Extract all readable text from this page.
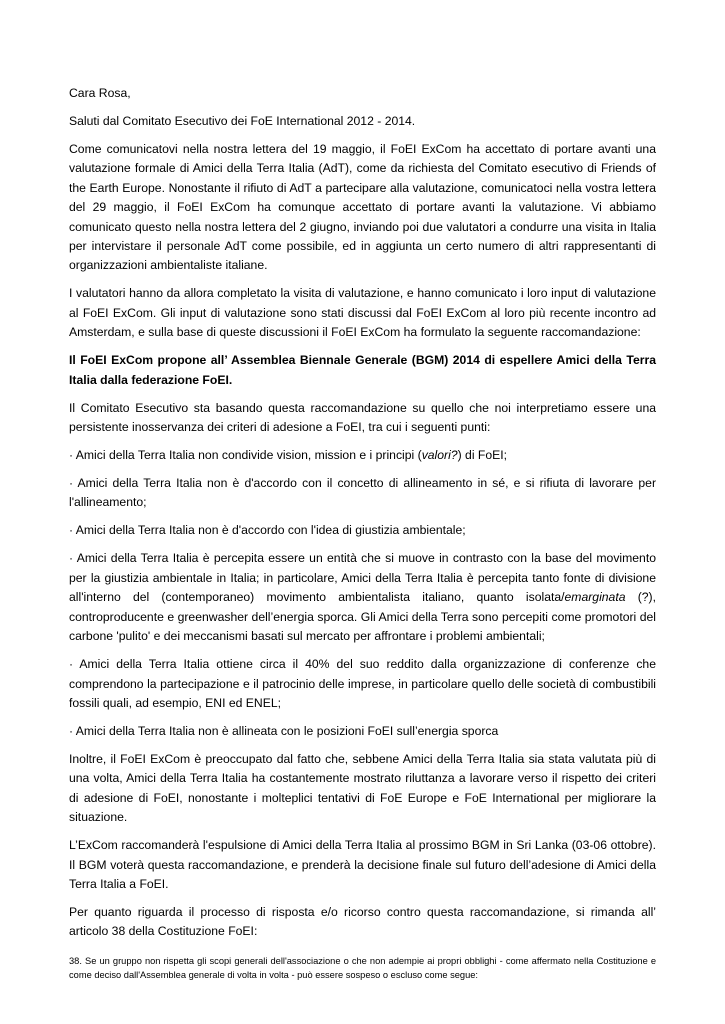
Cara Rosa,

Saluti dal Comitato Esecutivo dei FoE International 2012 - 2014.

Come comunicatovi nella nostra lettera del 19 maggio, il FoEI ExCom ha accettato di portare avanti una valutazione formale di Amici della Terra Italia (AdT), come da richiesta del Comitato esecutivo di Friends of the Earth Europe. Nonostante il rifiuto di AdT a partecipare alla valutazione, comunicatoci nella vostra lettera del 29 maggio, il FoEI ExCom ha comunque accettato di portare avanti la valutazione. Vi abbiamo comunicato questo nella nostra lettera del 2 giugno, inviando poi due valutatori a condurre una visita in Italia per intervistare il personale AdT come possibile, ed in aggiunta un certo numero di altri rappresentanti di organizzazioni ambientaliste italiane.

I valutatori hanno da allora completato la visita di valutazione, e hanno comunicato i loro input di valutazione al FoEI ExCom. Gli input di valutazione sono stati discussi dal FoEI ExCom al loro più recente incontro ad Amsterdam, e sulla base di queste discussioni il FoEI ExCom ha formulato la seguente raccomandazione:

Il FoEI ExCom propone all’ Assemblea Biennale Generale (BGM) 2014 di espellere Amici della Terra Italia dalla federazione FoEI.

Il Comitato Esecutivo sta basando questa raccomandazione su quello che noi interpretiamo essere una persistente inosservanza dei criteri di adesione a FoEI, tra cui i seguenti punti:

· Amici della Terra Italia non condivide vision, mission e i principi (valori?) di FoEI;

· Amici della Terra Italia non è d'accordo con il concetto di allineamento in sé, e si rifiuta di lavorare per l'allineamento;

· Amici della Terra Italia non è d'accordo con l'idea di giustizia ambientale;

· Amici della Terra Italia è percepita essere un entità che si muove in contrasto con la base del movimento per la giustizia ambientale in Italia; in particolare, Amici della Terra Italia è percepita tanto fonte di divisione all'interno del (contemporaneo) movimento ambientalista italiano, quanto isolata/emarginata (?), controproducente e greenwasher dell’energia sporca. Gli Amici della Terra sono percepiti come promotori del carbone 'pulito' e dei meccanismi basati sul mercato per affrontare i problemi ambientali;

· Amici della Terra Italia ottiene circa il 40% del suo reddito dalla organizzazione di conferenze che comprendono la partecipazione e il patrocinio delle imprese, in particolare quello delle società di combustibili fossili quali, ad esempio, ENI ed ENEL;

· Amici della Terra Italia non è allineata con le posizioni FoEI sull’energia sporca

Inoltre, il FoEI ExCom è preoccupato dal fatto che, sebbene Amici della Terra Italia sia stata valutata più di una volta, Amici della Terra Italia ha costantemente mostrato riluttanza a lavorare verso il rispetto dei criteri di adesione di FoEI, nonostante i molteplici tentativi di FoE Europe e FoE International per migliorare la situazione.

L’ExCom raccomanderà l'espulsione di Amici della Terra Italia al prossimo BGM in Sri Lanka (03-06 ottobre). Il BGM voterà questa raccomandazione, e prenderà la decisione finale sul futuro dell’adesione di Amici della Terra Italia a FoEI.

Per quanto riguarda il processo di risposta e/o ricorso contro questa raccomandazione, si rimanda all’ articolo 38 della Costituzione FoEI:

38. Se un gruppo non rispetta gli scopi generali dell'associazione o che non adempie ai propri obblighi - come affermato nella Costituzione e come deciso dall'Assemblea generale di volta in volta - può essere sospeso o escluso come segue:
